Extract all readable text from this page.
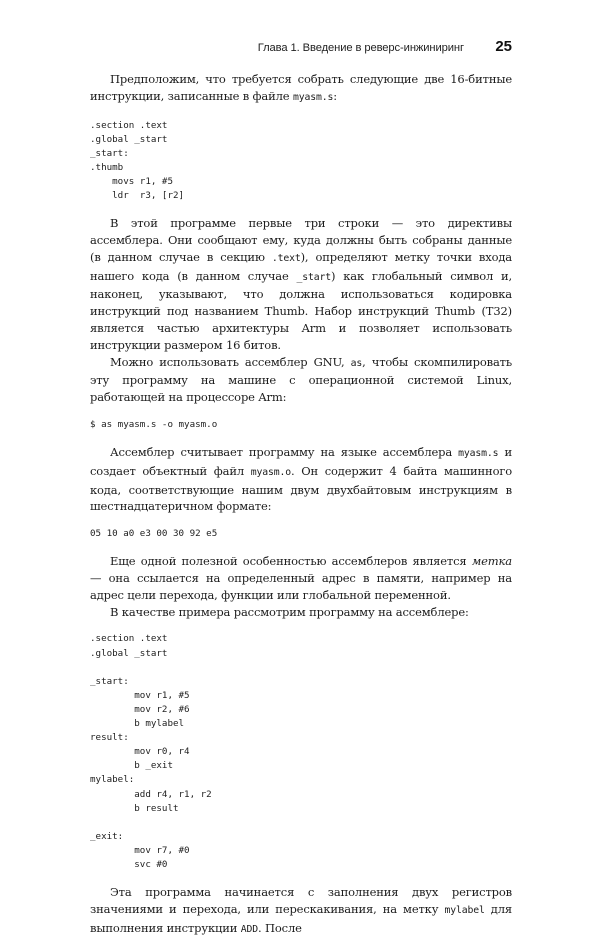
Глава 1. Введение в реверс-инжиниринг 25

Предположим, что требуется собрать следующие две 16-битные инструкции, записанные в файле myasm.s:

.section .text
.global _start
_start:
.thumb
movs r1, #5
ldr  r3, [r2]

В этой программе первые три строки — это директивы ассемблера. Они сообщают ему, куда должны быть собраны данные (в данном случае в секцию .text), определяют метку точки входа нашего кода (в данном случае _start) как глобальный символ и, наконец, указывают, что должна использоваться кодировка инструкций под названием Thumb. Набор инструкций Thumb (T32) является частью архитектуры Arm и позволяет использовать инструкции размером 16 битов.

Можно использовать ассемблер GNU, as, чтобы скомпилировать эту программу на машине с операционной системой Linux, работающей на процессоре Arm:

$ as myasm.s -o myasm.o

Ассемблер считывает программу на языке ассемблера myasm.s и создает объектный файл myasm.o. Он содержит 4 байта машинного кода, соответствующие нашим двум двухбайтовым инструкциям в шестнадцатеричном формате:

05 10 a0 e3 00 30 92 e5

Еще одной полезной особенностью ассемблеров является метка — она ссылается на определенный адрес в памяти, например на адрес цели перехода, функции или глобальной переменной.

В качестве примера рассмотрим программу на ассемблере:

.section .text
.global _start

_start:
mov r1, #5
mov r2, #6
b mylabel
result:
mov r0, r4
b _exit
mylabel:
add r4, r1, r2
b result

_exit:
mov r7, #0
svc #0

Эта программа начинается с заполнения двух регистров значениями и перехода, или перескакивания, на метку mylabel для выполнения инструкции ADD. После
